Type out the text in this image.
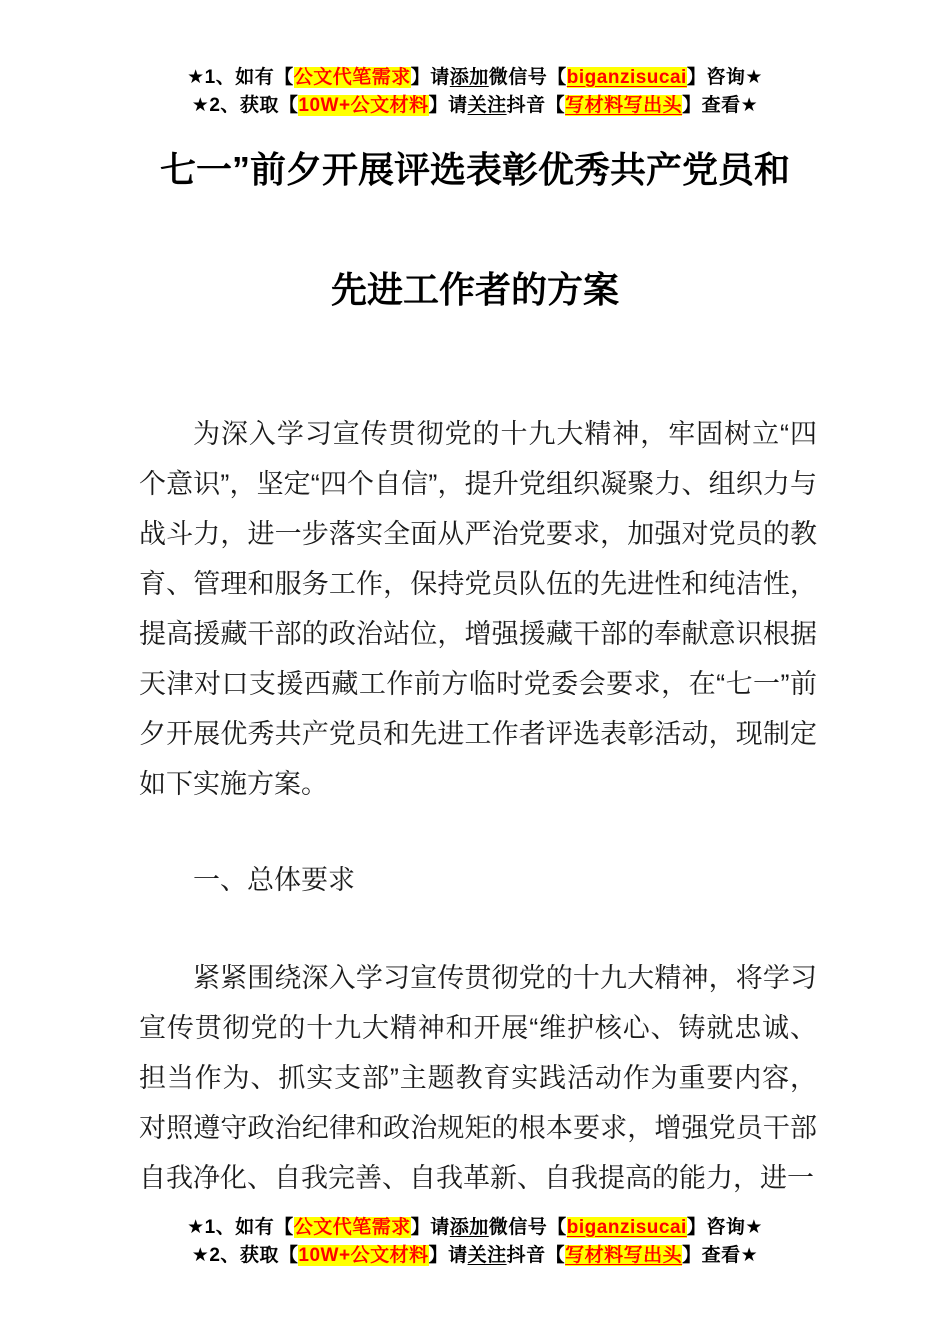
★1、如有【公文代笔需求】请添加微信号【biganzisucai】咨询★
★2、获取【10W+公文材料】请关注抖音【写材料写出头】查看★
七一”前夕开展评选表彰优秀共产党员和
先进工作者的方案

为深入学习宣传贯彻党的十九大精神，牢固树立“四个意识”，坚定“四个自信”，提升党组织凝聚力、组织力与战斗力，进一步落实全面从严治党要求，加强对党员的教育、管理和服务工作，保持党员队伍的先进性和纯洁性，提高援藏干部的政治站位，增强援藏干部的奉献意识根据天津对口支援西藏工作前方临时党委会要求，在“七一”前夕开展优秀共产党员和先进工作者评选表彰活动，现制定如下实施方案。

一、总体要求

紧紧围绕深入学习宣传贯彻党的十九大精神，将学习宣传贯彻党的十九大精神和开展“维护核心、铸就忠诚、担当作为、抓实支部”主题教育实践活动作为重要内容，对照遵守政治纪律和政治规矩的根本要求，增强党员干部自我净化、自我完善、自我革新、自我提高的能力，进一

★1、如有【公文代笔需求】请添加微信号【biganzisucai】咨询★
★2、获取【10W+公文材料】请关注抖音【写材料写出头】查看★
